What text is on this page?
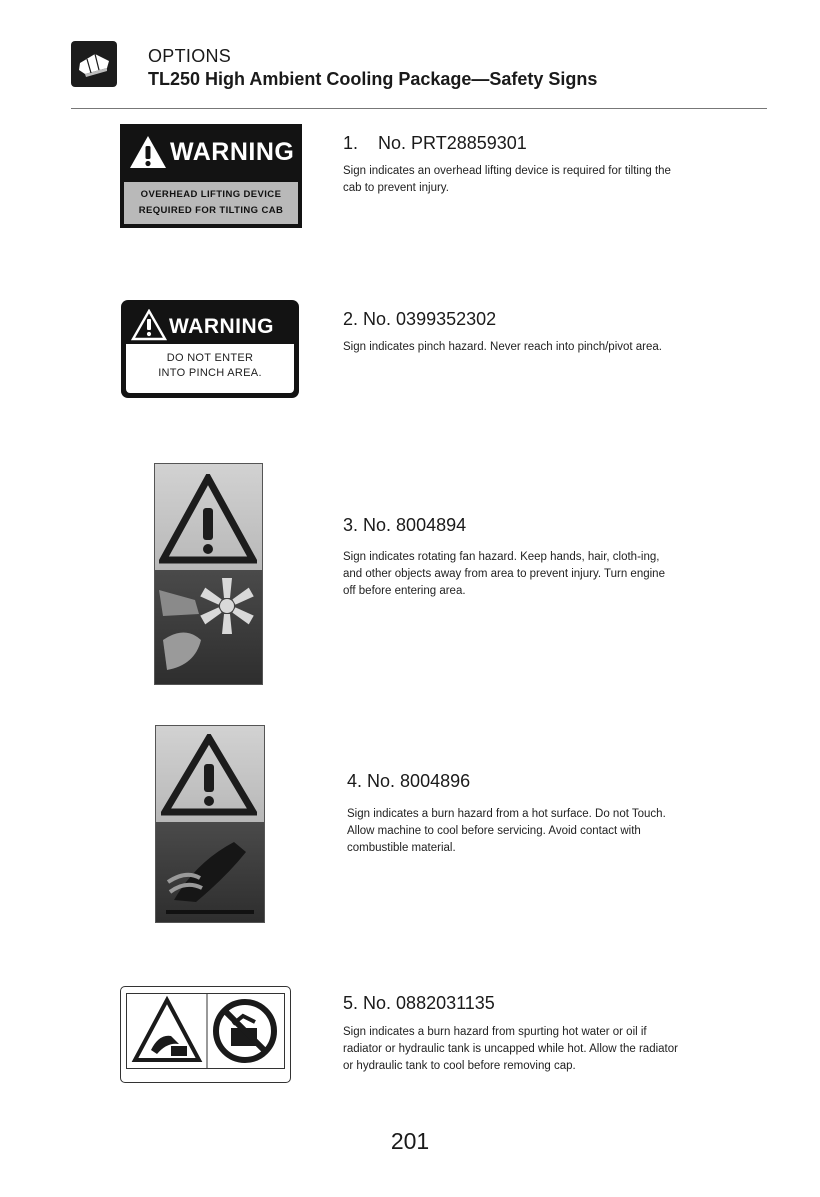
OPTIONS
TL250 High Ambient Cooling Package—Safety Signs
WARNING
OVERHEAD LIFTING DEVICE
REQUIRED FOR TILTING CAB
1. No. PRT28859301
Sign indicates an overhead lifting device is required for tilting the cab to prevent injury.
WARNING
DO NOT ENTER
INTO PINCH AREA.
2. No. 0399352302
Sign indicates pinch hazard. Never reach into pinch/pivot area.
3. No. 8004894
Sign indicates rotating fan hazard. Keep hands, hair, cloth-ing, and other objects away from area to prevent injury. Turn engine off before entering area.
4. No. 8004896
Sign indicates a burn hazard from a hot surface. Do not Touch. Allow machine to cool before servicing. Avoid contact with combustible material.
5. No. 0882031135
Sign indicates a burn hazard from spurting hot water or oil if radiator or hydraulic tank is uncapped while hot. Allow the radiator or hydraulic tank to cool before removing cap.
201
